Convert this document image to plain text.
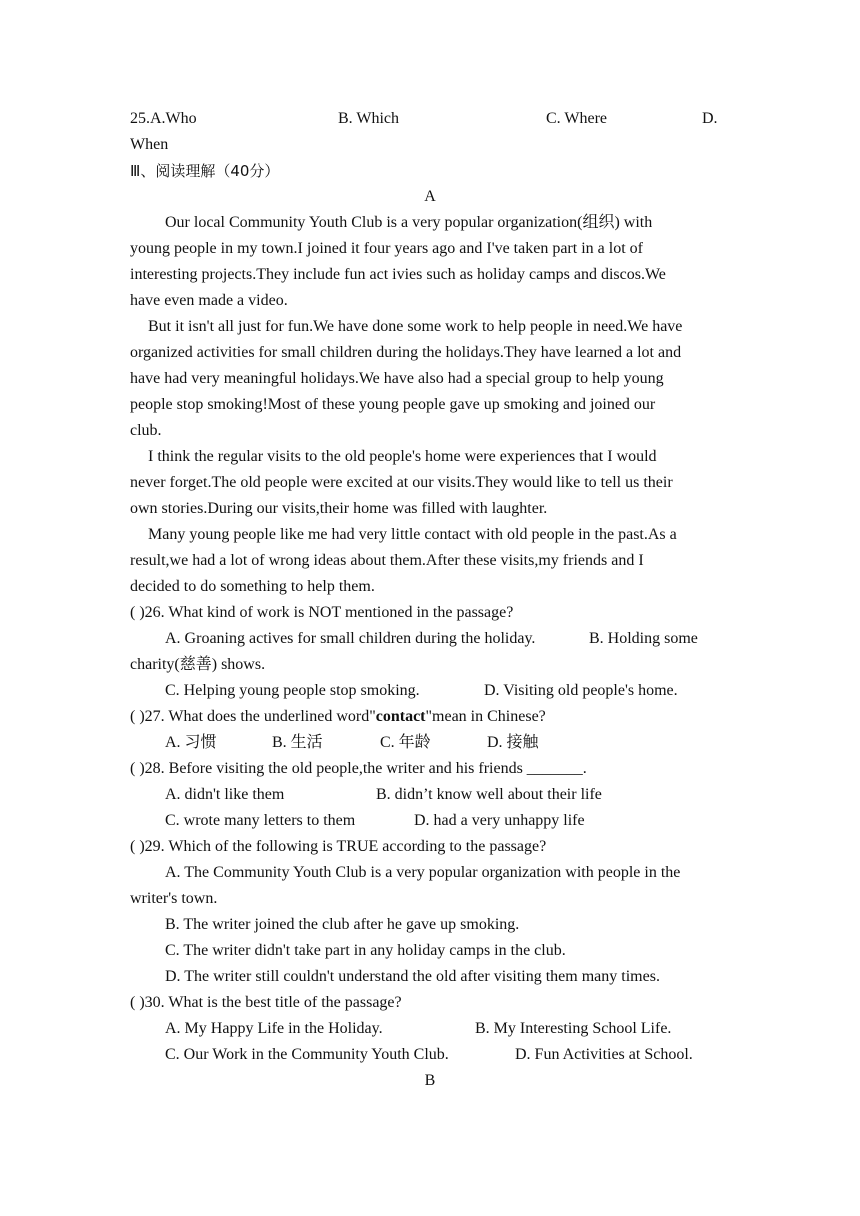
25.A.Who	B. Which	C. Where	D.
When
Ⅲ、阅读理解（40分）
A
Our local Community Youth Club is a very popular organization(组织) with
young people in my town.I joined it four years ago and I've taken part in a lot of
interesting projects.They include fun act ivies such as holiday camps and discos.We
have even made a video.
But it isn't all just for fun.We have done some work to help people in need.We have
organized activities for small children during the holidays.They have learned a lot and
have had very meaningful holidays.We have also had a special group to help young
people stop smoking!Most of these young people gave up smoking and joined our
club.
I think the regular visits to the old people's home were experiences that I would
never forget.The old people were excited at our visits.They would like to tell us their
own stories.During our visits,their home was filled with laughter.
Many young people like me had very little contact with old people in the past.As a
result,we had a lot of wrong ideas about them.After these visits,my friends and I
decided to do something to help them.
( )26. What kind of work is NOT mentioned in the passage?
A. Groaning actives for small children during the holiday.	B. Holding some
charity(慈善) shows.
C. Helping young people stop smoking.	D. Visiting old people's home.
( )27. What does the underlined word"contact"mean in Chinese?
A. 习惯	B. 生活	C. 年龄	D. 接触
( )28. Before visiting the old people,the writer and his friends _______.
A. didn't like them	B. didn’t know well about their life
C. wrote many letters to them	D. had a very unhappy life
( )29. Which of the following is TRUE according to the passage?
A. The Community Youth Club is a very popular organization with people in the
writer's town.
B. The writer joined the club after he gave up smoking.
C. The writer didn't take part in any holiday camps in the club.
D. The writer still couldn't understand the old after visiting them many times.
( )30. What is the best title of the passage?
A. My Happy Life in the Holiday.	B. My Interesting School Life.
C. Our Work in the Community Youth Club.	D. Fun Activities at School.
B
